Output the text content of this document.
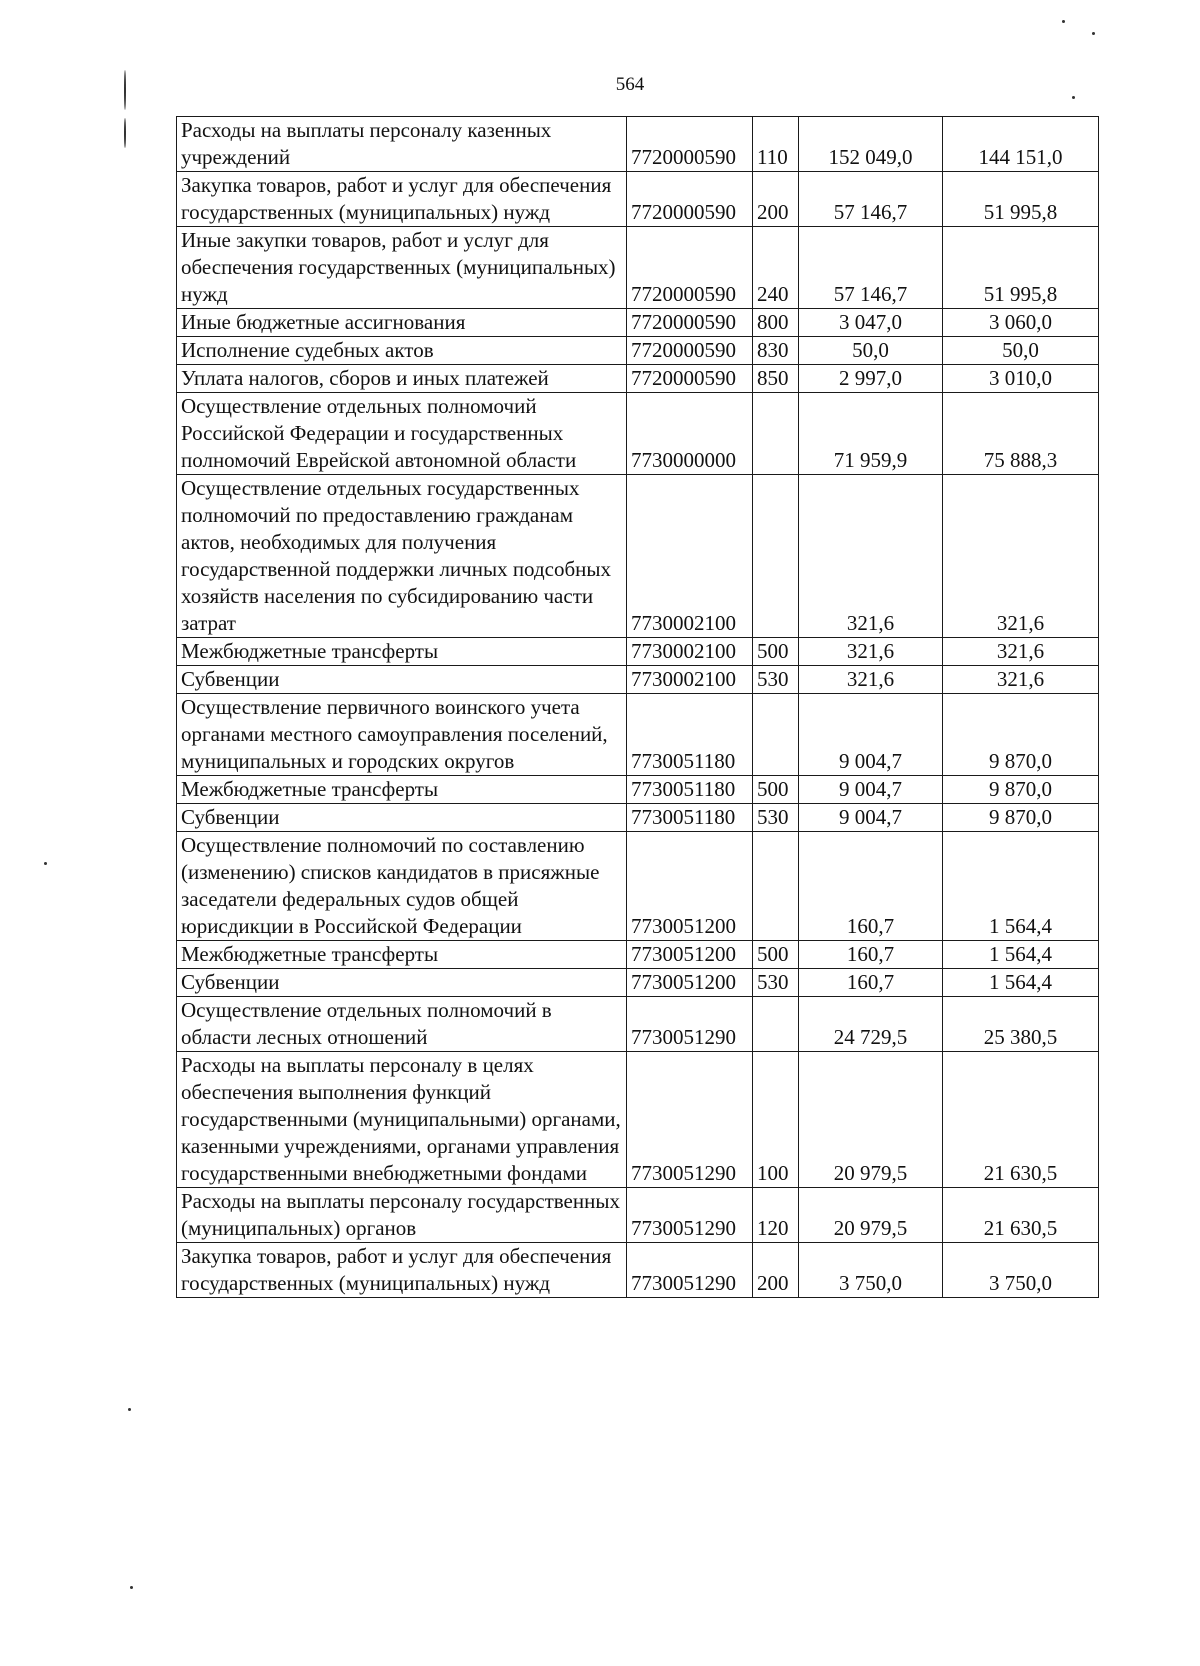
564
Расходы на выплаты персоналу казенных учреждений	7720000590	110	152 049,0	144 151,0
Закупка товаров, работ и услуг для обеспечения государственных (муниципальных) нужд	7720000590	200	57 146,7	51 995,8
Иные закупки товаров, работ и услуг для обеспечения государственных (муниципальных) нужд	7720000590	240	57 146,7	51 995,8
Иные бюджетные ассигнования	7720000590	800	3 047,0	3 060,0
Исполнение судебных актов	7720000590	830	50,0	50,0
Уплата налогов, сборов и иных платежей	7720000590	850	2 997,0	3 010,0
Осуществление отдельных полномочий Российской Федерации и государственных полномочий Еврейской автономной области	7730000000		71 959,9	75 888,3
Осуществление отдельных государственных полномочий по предоставлению гражданам актов, необходимых для получения государственной поддержки личных подсобных хозяйств населения по субсидированию части затрат	7730002100		321,6	321,6
Межбюджетные трансферты	7730002100	500	321,6	321,6
Субвенции	7730002100	530	321,6	321,6
Осуществление первичного воинского учета органами местного самоуправления поселений, муниципальных и городских округов	7730051180		9 004,7	9 870,0
Межбюджетные трансферты	7730051180	500	9 004,7	9 870,0
Субвенции	7730051180	530	9 004,7	9 870,0
Осуществление полномочий по составлению (изменению) списков кандидатов в присяжные заседатели федеральных судов общей юрисдикции в Российской Федерации	7730051200		160,7	1 564,4
Межбюджетные трансферты	7730051200	500	160,7	1 564,4
Субвенции	7730051200	530	160,7	1 564,4
Осуществление отдельных полномочий в области лесных отношений	7730051290		24 729,5	25 380,5
Расходы на выплаты персоналу в целях обеспечения выполнения функций государственными (муниципальными) органами, казенными учреждениями, органами управления государственными внебюджетными фондами	7730051290	100	20 979,5	21 630,5
Расходы на выплаты персоналу государственных (муниципальных) органов	7730051290	120	20 979,5	21 630,5
Закупка товаров, работ и услуг для обеспечения государственных (муниципальных) нужд	7730051290	200	3 750,0	3 750,0
